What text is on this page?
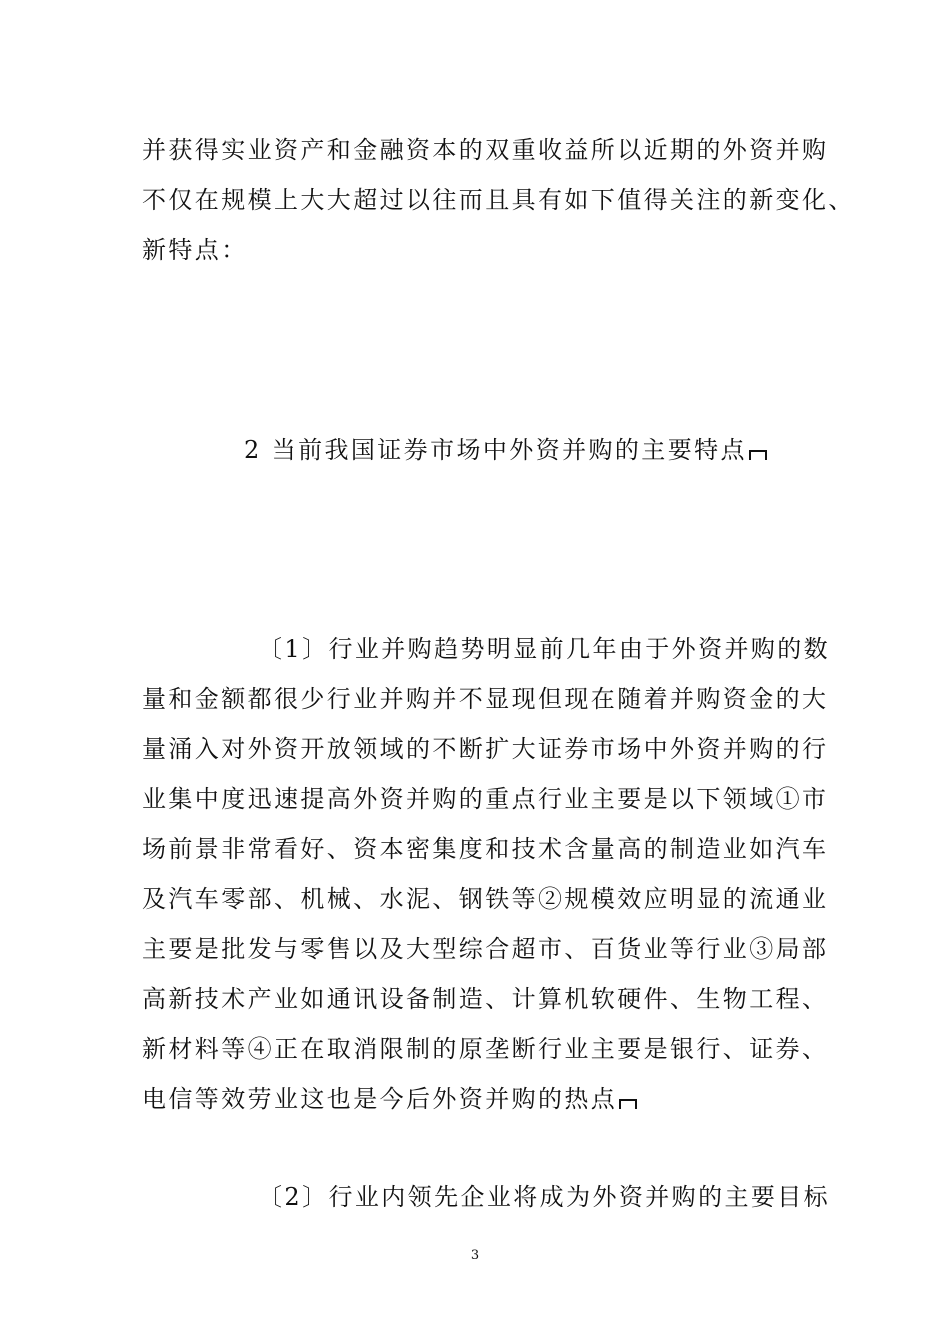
并获得实业资产和金融资本的双重收益所以近期的外资并购
不仅在规模上大大超过以往而且具有如下值得关注的新变化、
新特点：
2 当前我国证券市场中外资并购的主要特点
〔1〕行业并购趋势明显前几年由于外资并购的数
量和金额都很少行业并购并不显现但现在随着并购资金的大
量涌入对外资开放领域的不断扩大证券市场中外资并购的行
业集中度迅速提高外资并购的重点行业主要是以下领域①市
场前景非常看好、资本密集度和技术含量高的制造业如汽车
及汽车零部、机械、水泥、钢铁等②规模效应明显的流通业
主要是批发与零售以及大型综合超市、百货业等行业③局部
高新技术产业如通讯设备制造、计算机软硬件、生物工程、
新材料等④正在取消限制的原垄断行业主要是银行、证券、
电信等效劳业这也是今后外资并购的热点
〔2〕行业内领先企业将成为外资并购的主要目标
3
